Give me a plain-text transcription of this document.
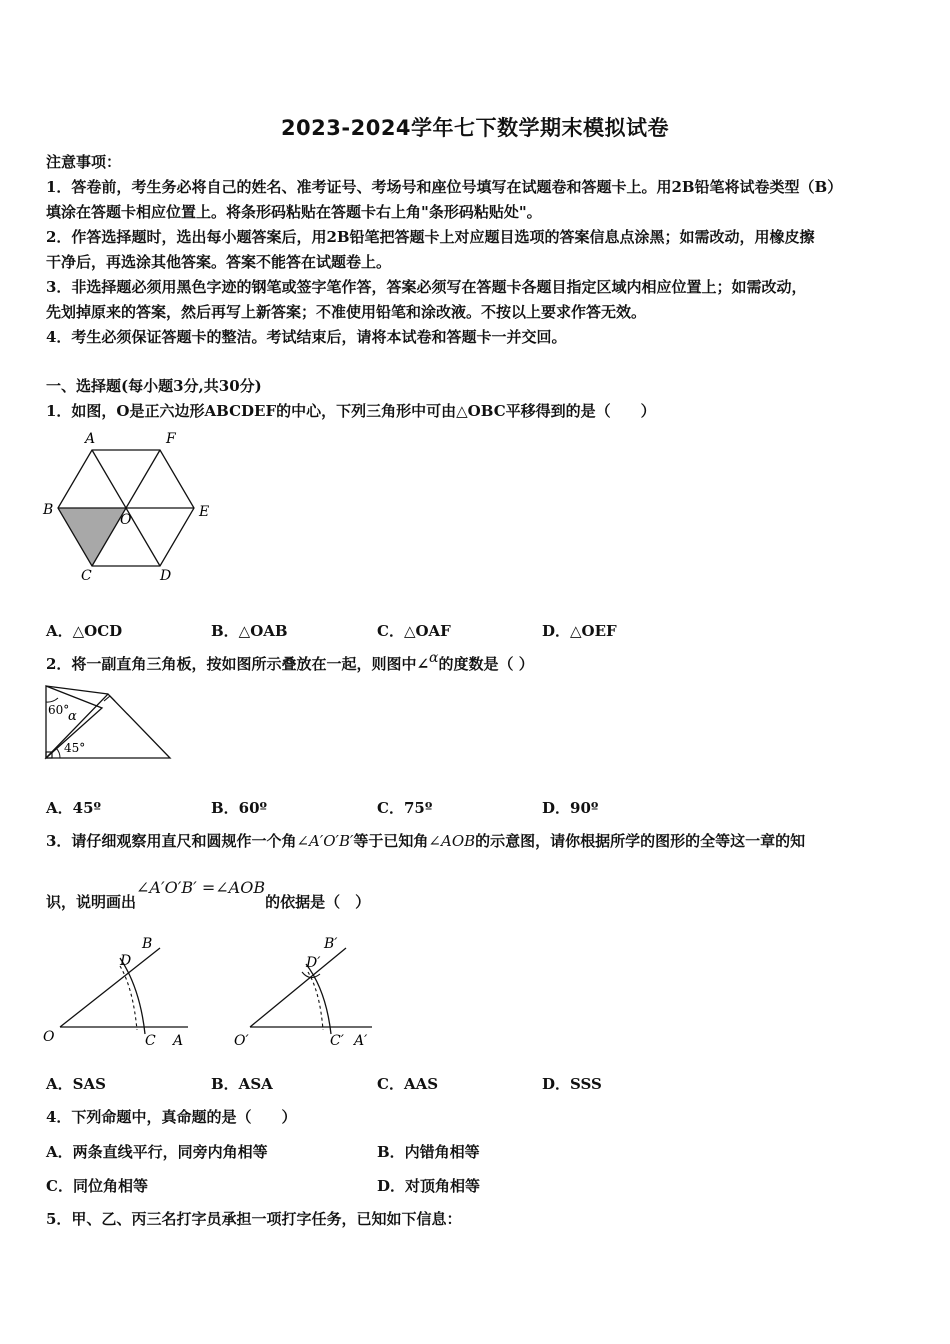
2023-2024学年七下数学期末模拟试卷
注意事项：
1．答卷前，考生务必将自己的姓名、准考证号、考场号和座位号填写在试题卷和答题卡上。用2B铅笔将试卷类型（B）
填涂在答题卡相应位置上。将条形码粘贴在答题卡右上角"条形码粘贴处"。
2．作答选择题时，选出每小题答案后，用2B铅笔把答题卡上对应题目选项的答案信息点涂黑；如需改动，用橡皮擦
干净后，再选涂其他答案。答案不能答在试题卷上。
3．非选择题必须用黑色字迹的钢笔或签字笔作答，答案必须写在答题卡各题目指定区域内相应位置上；如需改动，
先划掉原来的答案，然后再写上新答案；不准使用铅笔和涂改液。不按以上要求作答无效。
4．考生必须保证答题卡的整洁。考试结束后，请将本试卷和答题卡一并交回。
一、选择题(每小题3分,共30分)
1．如图，O是正六边形ABCDEF的中心，下列三角形中可由△OBC平移得到的是（　　）
A	F
B
O	E
C	D
A．△OCD	B．△OAB	C．△OAF	D．△OEF
2．将一副直角三角板，按如图所示叠放在一起，则图中∠α的度数是（ ）
60°
α
45°
A．45º	B．60º	C．75º	D．90º
3．请仔细观察用直尺和圆规作一个角∠A′O′B′等于已知角∠AOB的示意图，请你根据所学的图形的全等这一章的知
识，说明画出∠A′O′B′ =∠AOB的依据是（　）
O	C A
D
B
O′	C′ A′
D′
B′
A．SAS	B．ASA	C．AAS	D．SSS
4．下列命题中，真命题的是（　　）
A．两条直线平行，同旁内角相等	B．内错角相等
C．同位角相等	D．对顶角相等
5．甲、乙、丙三名打字员承担一项打字任务，已知如下信息：
